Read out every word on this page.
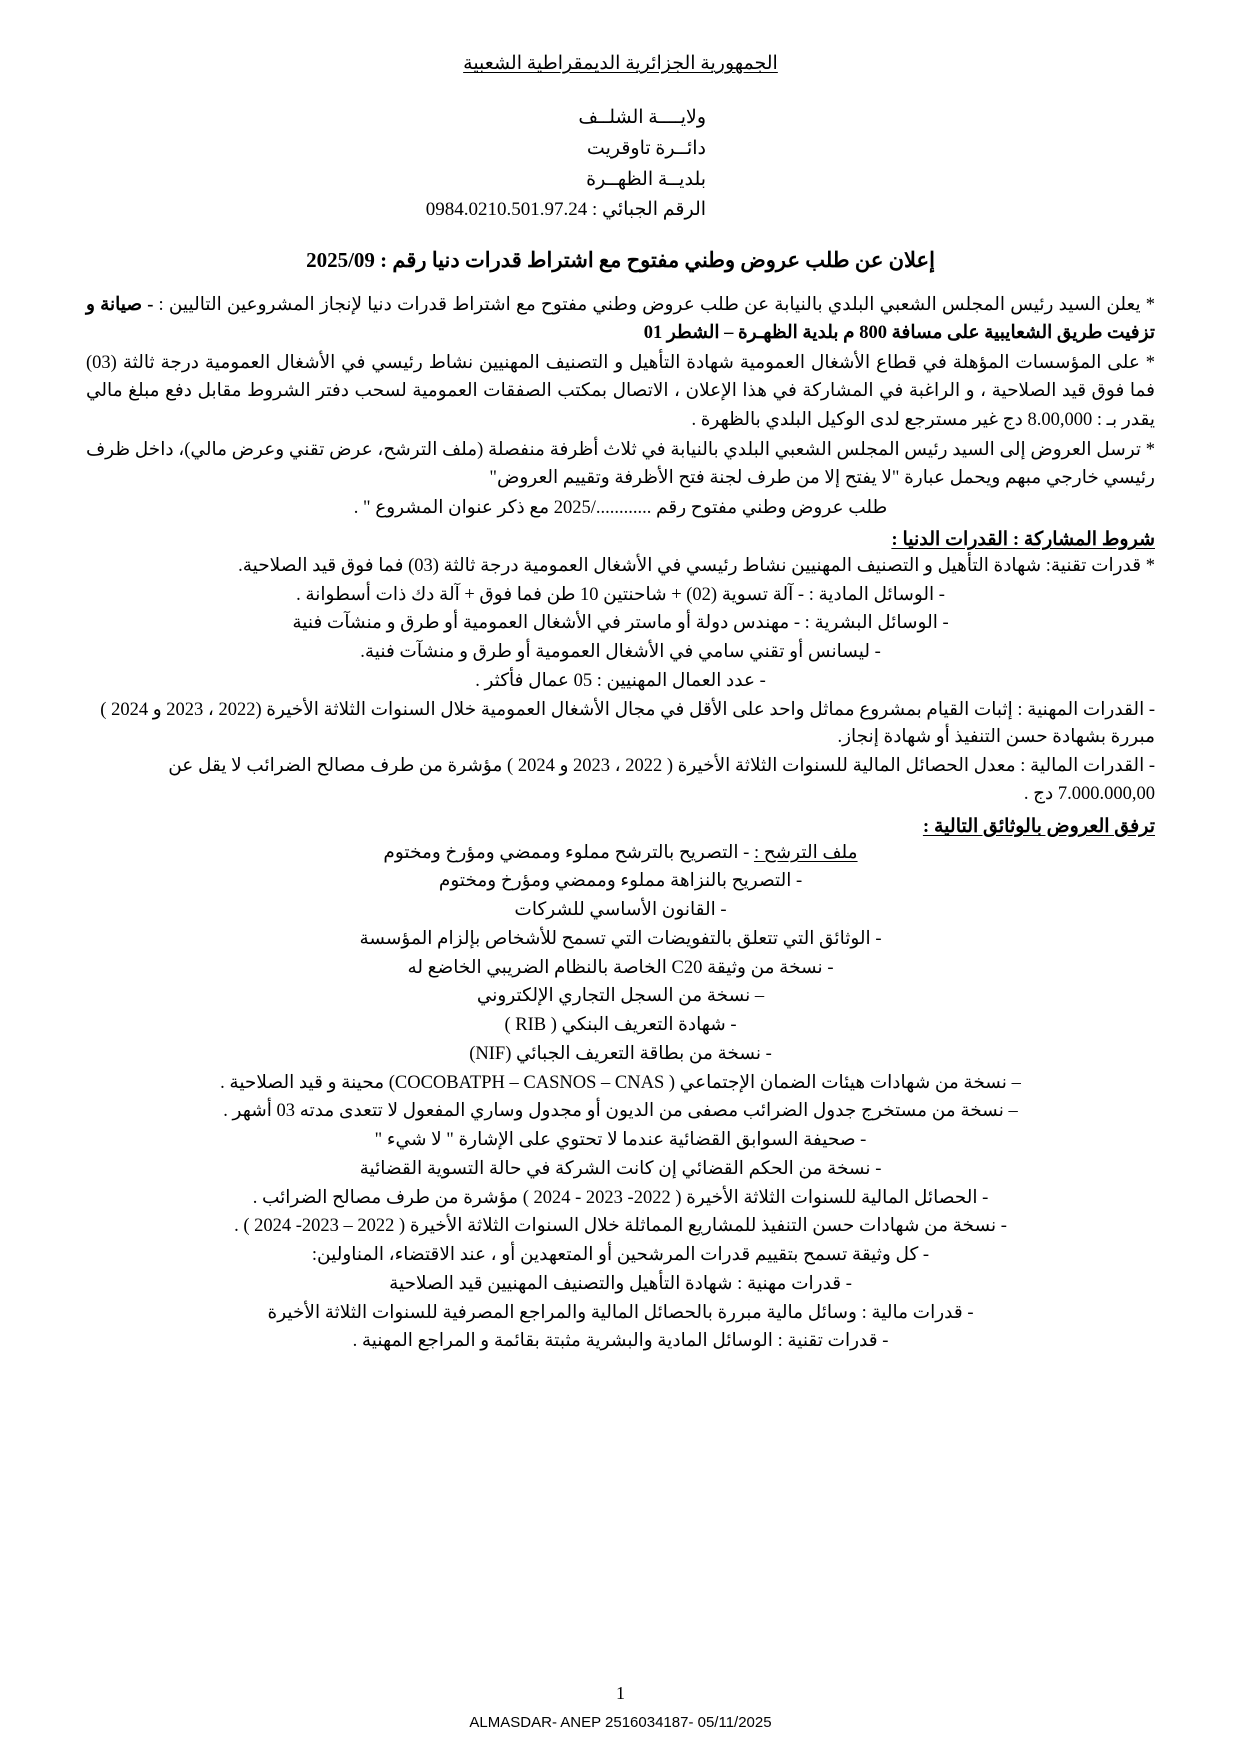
الجمهورية الجزائرية الديمقراطية الشعبية
ولايــــة الشلــف
دائــرة تاوقريت
بلديــة الظهــرة
الرقم الجبائي : 0984.0210.501.97.24
إعلان عن طلب عروض وطني مفتوح مع اشتراط قدرات دنيا رقم : 2025/09
* يعلن السيد رئيس المجلس الشعبي البلدي بالنيابة عن طلب عروض وطني مفتوح مع اشتراط قدرات دنيا لإنجاز المشروعين التاليين : - صيانة و تزفيت طريق الشعايبية على مسافة 800 م بلدية الظهـرة – الشطر 01
* على المؤسسات المؤهلة في قطاع الأشغال العمومية شهادة التأهيل و التصنيف المهنيين نشاط رئيسي في الأشغال العمومية درجة ثالثة (03) فما فوق قيد الصلاحية ، و الراغبة في المشاركة في هذا الإعلان ، الاتصال بمكتب الصفقات العمومية لسحب دفتر الشروط مقابل دفع مبلغ مالي يقدر بـ : 8.00,000 دج غير مسترجع لدى الوكيل البلدي بالظهرة .
* ترسل العروض إلى السيد رئيس المجلس الشعبي البلدي بالنيابة في ثلاث أظرفة منفصلة (ملف الترشح، عرض تقني وعرض مالي)، داخل ظرف رئيسي خارجي مبهم ويحمل عبارة "لا يفتح إلا من طرف لجنة فتح الأظرفة وتقييم العروض"
طلب عروض وطني مفتوح رقم ............/2025 مع ذكر عنوان المشروع " .
شروط المشاركة : القدرات الدنيا :
* قدرات تقنية: شهادة التأهيل و التصنيف المهنيين نشاط رئيسي في الأشغال العمومية درجة ثالثة (03) فما فوق قيد الصلاحية.
- الوسائل المادية : - آلة تسوية (02) + شاحنتين 10 طن فما فوق + آلة دك ذات أسطوانة .
- الوسائل البشرية : - مهندس دولة أو ماستر في الأشغال العمومية أو طرق و منشآت فنية
- ليسانس أو تقني سامي في الأشغال العمومية أو طرق و منشآت فنية.
- عدد العمال المهنيين : 05 عمال فأكثر .
- القدرات المهنية : إثبات القيام بمشروع مماثل واحد على الأقل في مجال الأشغال العمومية خلال السنوات الثلاثة الأخيرة (2022 ، 2023 و 2024 ) مبررة بشهادة حسن التنفيذ أو شهادة إنجاز.
- القدرات المالية : معدل الحصائل المالية للسنوات الثلاثة الأخيرة ( 2022 ، 2023 و 2024 ) مؤشرة من طرف مصالح الضرائب لا يقل عن 7.000.000,00 دج .
ترفق العروض بالوثائق التالية :
ملف الترشح : - التصريح بالترشح مملوء وممضي ومؤرخ ومختوم
- التصريح بالنزاهة مملوء وممضي ومؤرخ ومختوم
- القانون الأساسي للشركات
- الوثائق التي تتعلق بالتفويضات التي تسمح للأشخاص بإلزام المؤسسة
- نسخة من وثيقة C20 الخاصة بالنظام الضريبي الخاضع له
– نسخة من السجل التجاري الإلكتروني
- شهادة التعريف البنكي ( RIB )
- نسخة من بطاقة التعريف الجبائي (NIF)
– نسخة من شهادات هيئات الضمان الإجتماعي ( COCOBATPH – CASNOS – CNAS) محينة و قيد الصلاحية .
– نسخة من مستخرج جدول الضرائب مصفى من الديون أو مجدول وساري المفعول لا تتعدى مدته 03 أشهر .
- صحيفة السوابق القضائية عندما لا تحتوي على الإشارة " لا شيء "
- نسخة من الحكم القضائي إن كانت الشركة في حالة التسوية القضائية
- الحصائل المالية للسنوات الثلاثة الأخيرة ( 2022- 2023 - 2024 ) مؤشرة من طرف مصالح الضرائب .
- نسخة من شهادات حسن التنفيذ للمشاريع المماثلة خلال السنوات الثلاثة الأخيرة ( 2022 – 2023- 2024 ) .
- كل وثيقة تسمح بتقييم قدرات المرشحين أو المتعهدين أو ، عند الاقتضاء، المناولين:
- قدرات مهنية : شهادة التأهيل والتصنيف المهنيين قيد الصلاحية
- قدرات مالية : وسائل مالية مبررة بالحصائل المالية والمراجع المصرفية للسنوات الثلاثة الأخيرة
- قدرات تقنية : الوسائل المادية والبشرية مثبتة بقائمة و المراجع المهنية .
1
ALMASDAR- ANEP 2516034187- 05/11/2025
